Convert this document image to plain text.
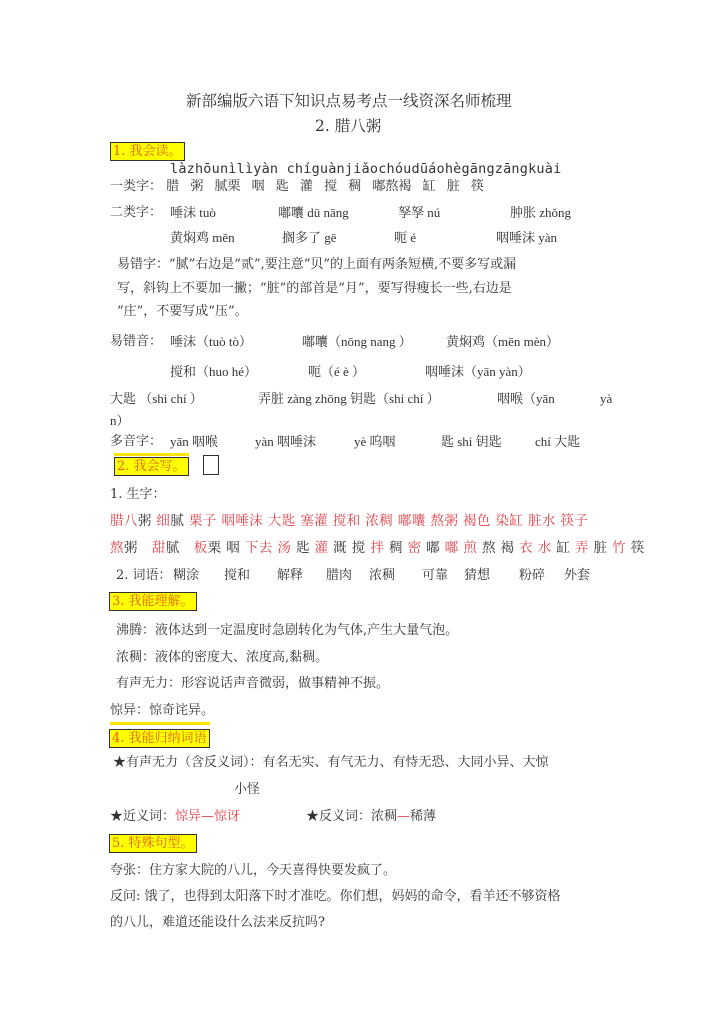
新部编版六语下知识点易考点一线资深名师梳理
2. 腊八粥
1. 我会读。
làzhōunìlìyàn chíguànjiǎochóudūáohègāngzāngkuài
一类字： 腊 粥 腻栗 咽 匙 灌 搅 稠 嘟熬褐 缸 脏 筷
二类字： 唾沫 tuò	嘟囔 dū nāng	孥孥 nú	肿胀 zhǒng
黄焖鸡 mēn	搁多了 gē	呃 é	咽唾沫 yàn
易错字：“腻”右边是“贰”,要注意“贝”的上面有两条短横,不要多写或漏
写，斜钩上不要加一撇；“脏”的部首是“月”，要写得瘦长一些,右边是
“庄”，不要写成“压”。
易错音： 唾沫（tuò tò）	嘟囔（nōng nang ）	黄焖鸡（mēn mèn）
搅和（huo hé）	呃（é è ）	咽唾沫（yān yàn）
大匙 （shi chí ）	弄脏 zàng zhōng 钥匙（shi chí ）	咽喉（yān	yà
n）
多音字： yān 咽喉	yàn 咽唾沫	yè 呜咽	匙 shi 钥匙	chí 大匙
2. 我会写。
1. 生字：
腊八粥 细腻 栗子 咽唾沫 大匙 塞灌 搅和 浓稠 嘟囔 熬粥 褐色 染缸 脏水 筷子
熬粥 甜腻 板栗 咽 下去 汤 匙 灌 溉 搅 拌 稠 密 嘟 嘟 煎 熬 褐 衣 水 缸 弄 脏 竹 筷
2. 词语： 糊涂 搅和 解释 腊肉 浓稠 可靠 猜想 粉碎 外套
3. 我能理解。
沸腾：液体达到一定温度时急剧转化为气体,产生大量气泡。
浓稠：液体的密度大、浓度高,黏稠。
有声无力：形容说话声音微弱，做事精神不振。
惊异：惊奇诧异。
4. 我能归纳词语
★有声无力（含反义词）：有名无实、有气无力、有恃无恐、大同小异、大惊
小怪
★近义词：惊异—惊讶	★反义词：浓稠—稀薄
5. 特殊句型。
夸张：住方家大院的八儿，今天喜得快要发疯了。
反问: 饿了，也得到太阳落下时才准吃。你们想，妈妈的命令，看羊还不够资格
的八儿，难道还能设什么法来反抗吗?
